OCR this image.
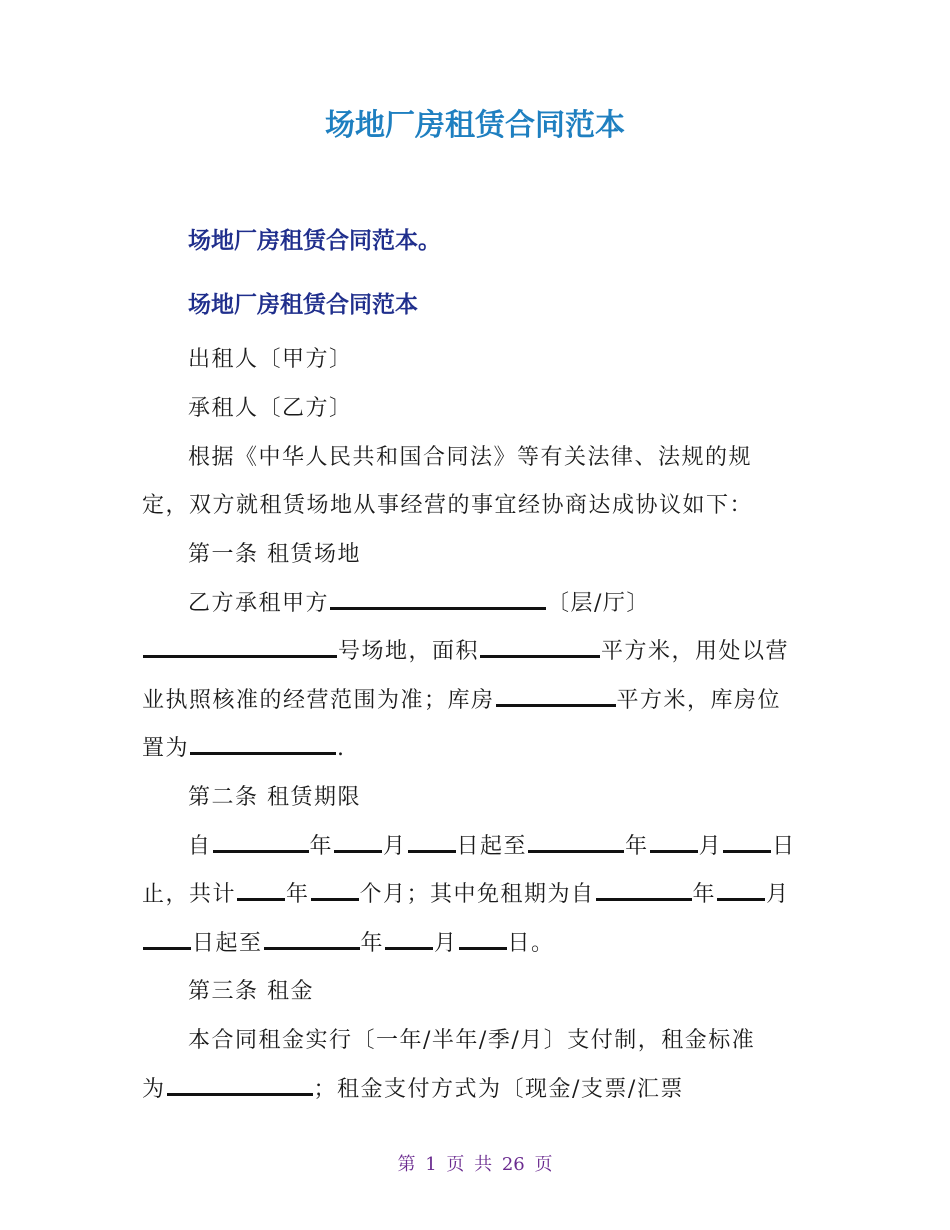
场地厂房租赁合同范本
场地厂房租赁合同范本。
场地厂房租赁合同范本
出租人〔甲方〕
承租人〔乙方〕
根据《中华人民共和国合同法》等有关法律、法规的规
定，双方就租赁场地从事经营的事宜经协商达成协议如下：
第一条 租赁场地
乙方承租甲方	〔层/厅〕
号场地，面积	平方米，用处以营
业执照核准的经营范围为准；库房	平方米，库房位
置为	.
第二条 租赁期限
自	年 月 日起至	年 月 日
止，共计 年 个月；其中免租期为自	年 月
日起至	年 月 日。
第三条 租金
本合同租金实行〔一年/半年/季/月〕支付制，租金标准
为	；租金支付方式为〔现金/支票/汇票
第 1 页 共 26 页
